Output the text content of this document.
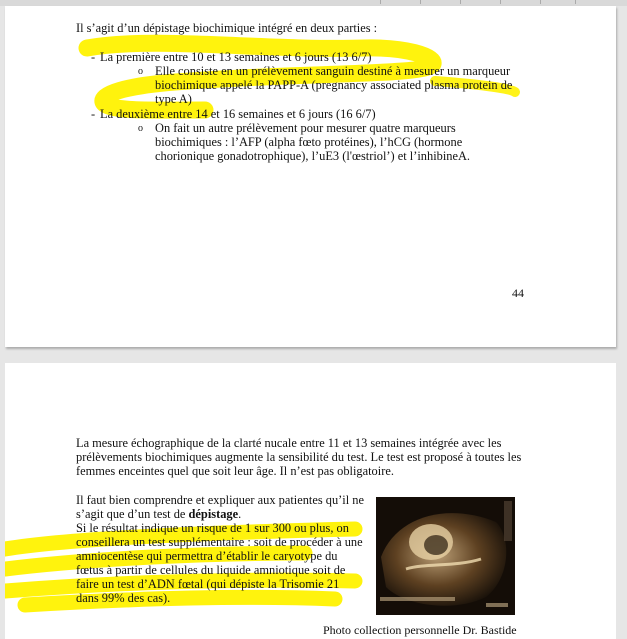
Il s’agit d’un dépistage biochimique intégré en deux parties :
- La première entre 10 et 13 semaines et 6 jours (13 6/7)
o Elle consiste en un prélèvement sanguin destiné à mesurer un marqueur
biochimique appelé la PAPP-A (pregnancy associated plasma protein de
type A)
- La deuxième entre 14 et 16 semaines et 6 jours (16 6/7)
o On fait un autre prélèvement pour mesurer quatre marqueurs
biochimiques : l’AFP (alpha fœto protéines), l’hCG (hormone
chorionique gonadotrophique), l’uE3 (l'œstriol’) et l’inhibineA.
44
La mesure échographique de la clarté nucale entre 11 et 13 semaines intégrée avec les
prélèvements biochimiques augmente la sensibilité du test. Le test est proposé à toutes les
femmes enceintes quel que soit leur âge. Il n’est pas obligatoire.
Il faut bien comprendre et expliquer aux patientes qu’il ne
s’agit que d’un test de dépistage.
Si le résultat indique un risque de 1 sur 300 ou plus, on
conseillera un test supplémentaire : soit de procéder à une
amniocentèse qui permettra d’établir le caryotype du
fœtus à partir de cellules du liquide amniotique soit de
faire un test d’ADN fœtal (qui dépiste la Trisomie 21
dans 99% des cas).
Photo collection personnelle Dr. Bastide
